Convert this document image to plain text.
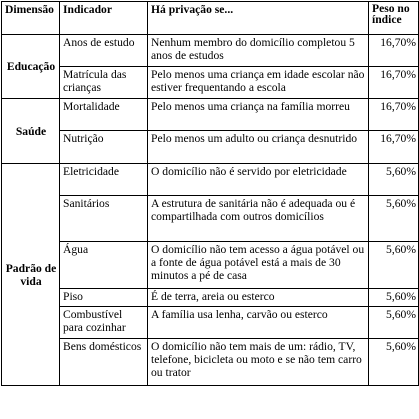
Dimensão	Indicador	Há privação se...	Peso no
índice
Educação	Anos de estudo	Nenhum membro do domicílio completou 5 anos de estudos	16,70%
	Matrícula das crianças	Pelo menos uma criança em idade escolar não estiver frequentando a escola	16,70%
Saúde	Mortalidade	Pelo menos uma criança na família morreu	16,70%
	Nutrição	Pelo menos um adulto ou criança desnutrido	16,70%
Padrão de vida	Eletricidade	O domicílio não é servido por eletricidade	5,60%
	Sanitários	A estrutura de sanitária não é adequada ou é compartilhada com outros domicílios	5,60%
	Água	O domicílio não tem acesso a água potável ou a fonte de água potável está a mais de 30 minutos a pé de casa	5,60%
	Piso	É de terra, areia ou esterco	5,60%
	Combustível para cozinhar	A família usa lenha, carvão ou esterco	5,60%
	Bens domésticos	O domicílio não tem mais de um: rádio, TV, telefone, bicicleta ou moto e se não tem carro ou trator	5,60%
